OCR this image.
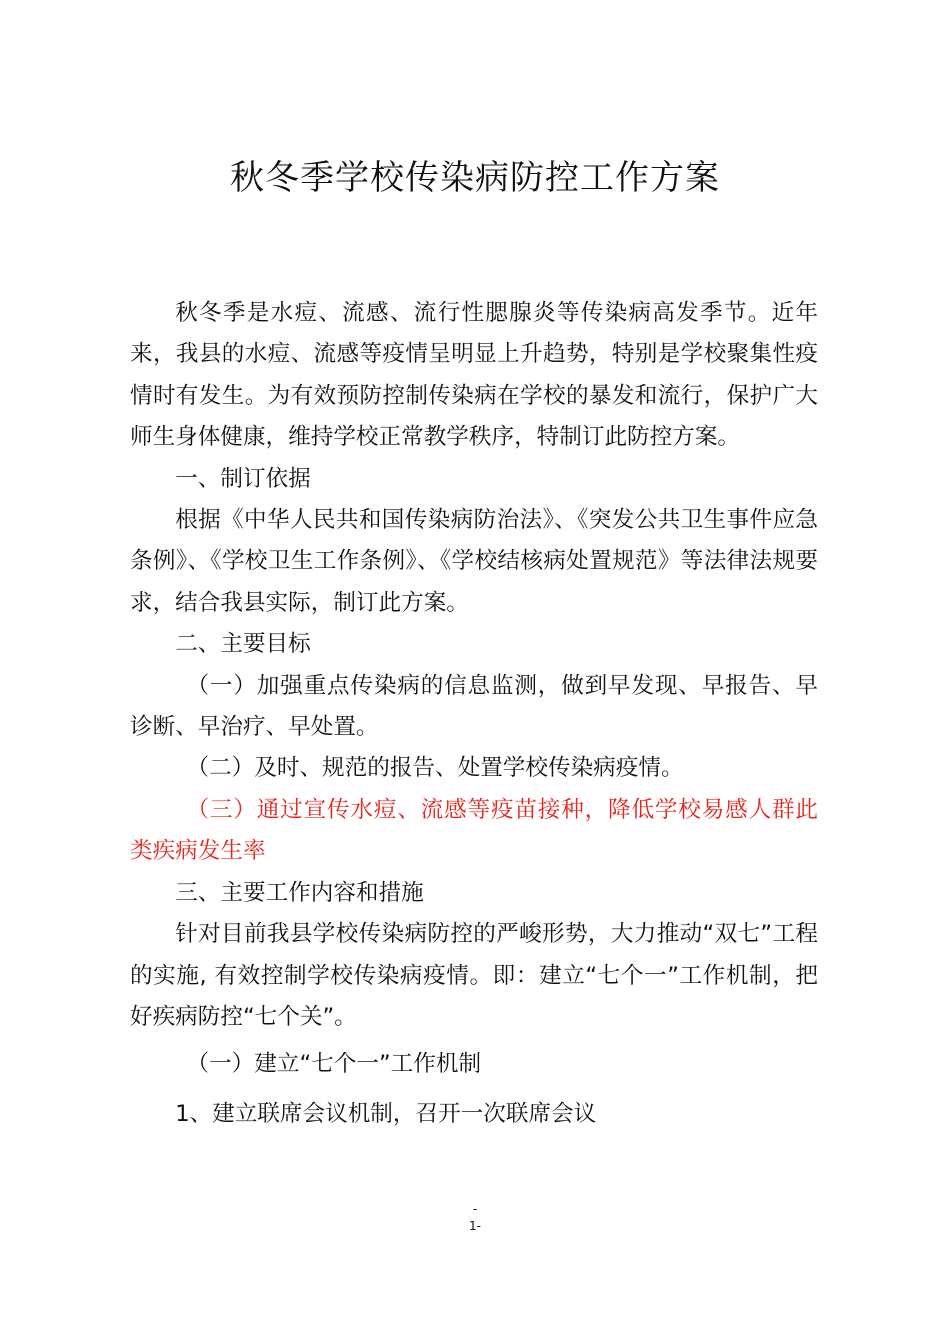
秋冬季学校传染病防控工作方案

秋冬季是水痘、流感、流行性腮腺炎等传染病高发季节。近年来，我县的水痘、流感等疫情呈明显上升趋势，特别是学校聚集性疫情时有发生。为有效预防控制传染病在学校的暴发和流行，保护广大师生身体健康，维持学校正常教学秩序，特制订此防控方案。

一、制订依据

根据《中华人民共和国传染病防治法》、《突发公共卫生事件应急条例》、《学校卫生工作条例》、《学校结核病处置规范》等法律法规要求，结合我县实际，制订此方案。

二、主要目标

（一）加强重点传染病的信息监测，做到早发现、早报告、早诊断、早治疗、早处置。

（二）及时、规范的报告、处置学校传染病疫情。

（三）通过宣传水痘、流感等疫苗接种，降低学校易感人群此类疾病发生率

三、主要工作内容和措施

针对目前我县学校传染病防控的严峻形势，大力推动“双七”工程的实施, 有效控制学校传染病疫情。即：建立“七个一”工作机制，把好疾病防控“七个关”。

（一）建立“七个一”工作机制

1、建立联席会议机制，召开一次联席会议

-
1-
